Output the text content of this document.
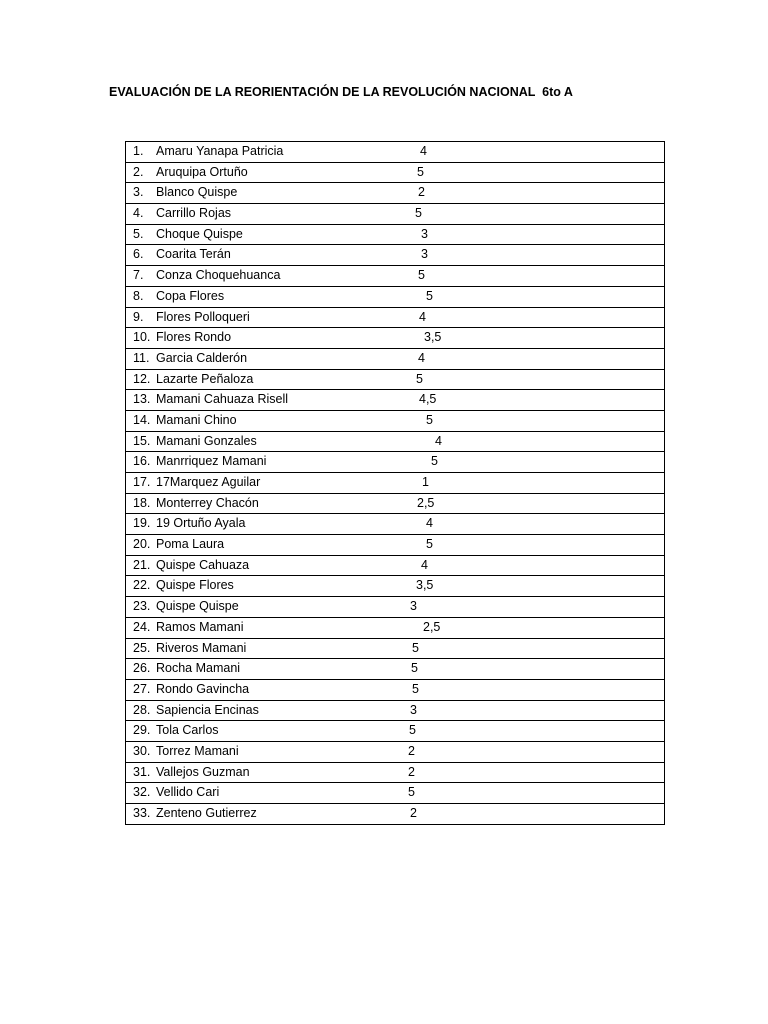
EVALUACIÓN DE LA REORIENTACIÓN DE LA REVOLUCIÓN NACIONAL  6to A
1. Amaru Yanapa Patricia	4

2. Aruquipa Ortuño	5

3. Blanco Quispe	2

4. Carrillo Rojas	5

5. Choque Quispe	3

6. Coarita Terán	3

7. Conza Choquehuanca	5

8. Copa Flores	5

9. Flores Polloqueri	4

10. Flores Rondo	3,5

11. Garcia Calderón	4

12. Lazarte Peñaloza	5

13. Mamani Cahuaza Risell	4,5

14. Mamani Chino	5

15. Mamani Gonzales	4

16. Manrriquez Mamani	5

17. 17Marquez Aguilar	1

18. Monterrey Chacón	2,5

19. 19 Ortuño Ayala	4

20. Poma Laura	5

21. Quispe Cahuaza	4

22. Quispe Flores	3,5

23. Quispe Quispe	3

24. Ramos Mamani	2,5

25. Riveros Mamani	5

26. Rocha Mamani	5

27. Rondo Gavincha	5

28. Sapiencia Encinas	3

29. Tola Carlos	5

30. Torrez Mamani	2

31. Vallejos Guzman	2

32. Vellido Cari	5

33. Zenteno Gutierrez	2
